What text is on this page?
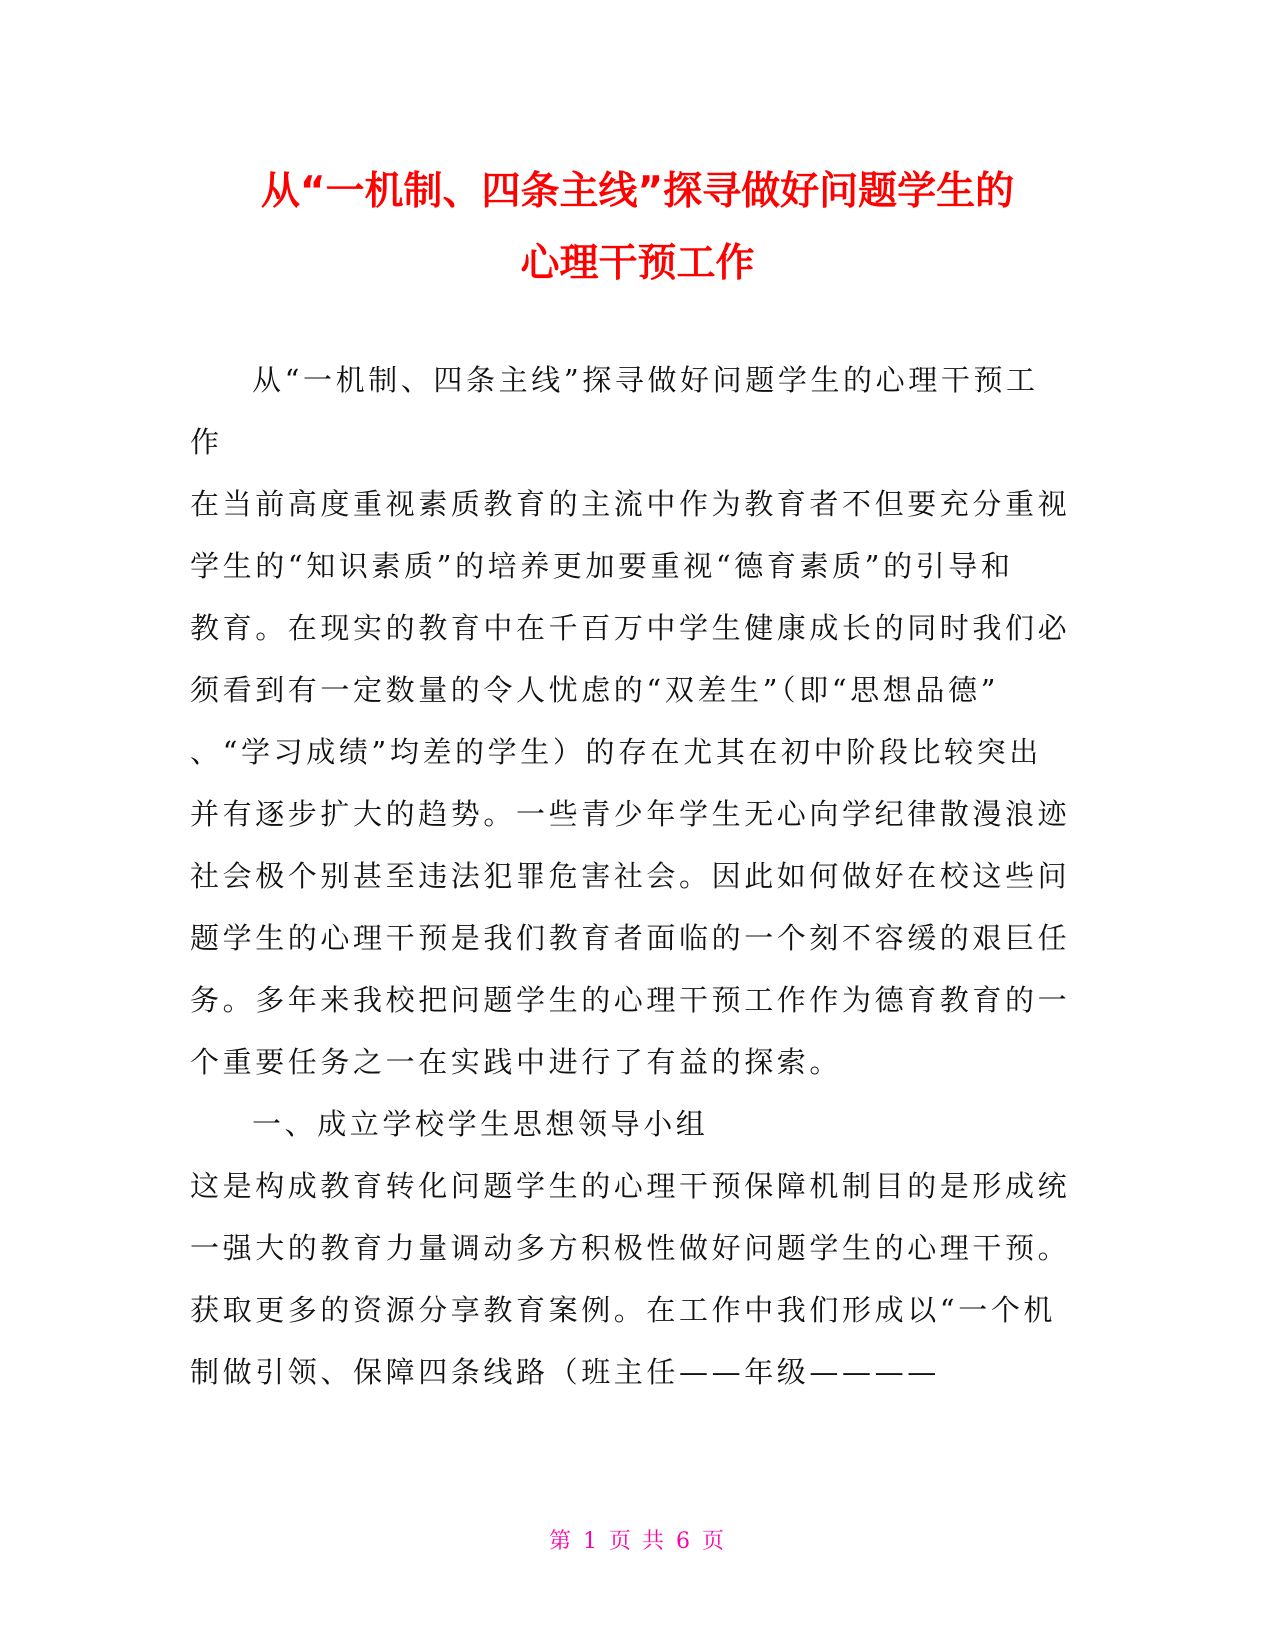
从“一机制、四条主线”探寻做好问题学生的
心理干预工作
从“一机制、四条主线”探寻做好问题学生的心理干预工
作
在当前高度重视素质教育的主流中作为教育者不但要充分重视
学生的“知识素质”的培养更加要重视“德育素质”的引导和
教育。在现实的教育中在千百万中学生健康成长的同时我们必
须看到有一定数量的令人忧虑的“双差生”（即“思想品德”
、“学习成绩”均差的学生）的存在尤其在初中阶段比较突出
并有逐步扩大的趋势。一些青少年学生无心向学纪律散漫浪迹
社会极个别甚至违法犯罪危害社会。因此如何做好在校这些问
题学生的心理干预是我们教育者面临的一个刻不容缓的艰巨任
务。多年来我校把问题学生的心理干预工作作为德育教育的一
个重要任务之一在实践中进行了有益的探索。
一、成立学校学生思想领导小组
这是构成教育转化问题学生的心理干预保障机制目的是形成统
一强大的教育力量调动多方积极性做好问题学生的心理干预。
获取更多的资源分享教育案例。在工作中我们形成以“一个机
制做引领、保障四条线路（班主任——年级————
第 1 页 共 6 页
